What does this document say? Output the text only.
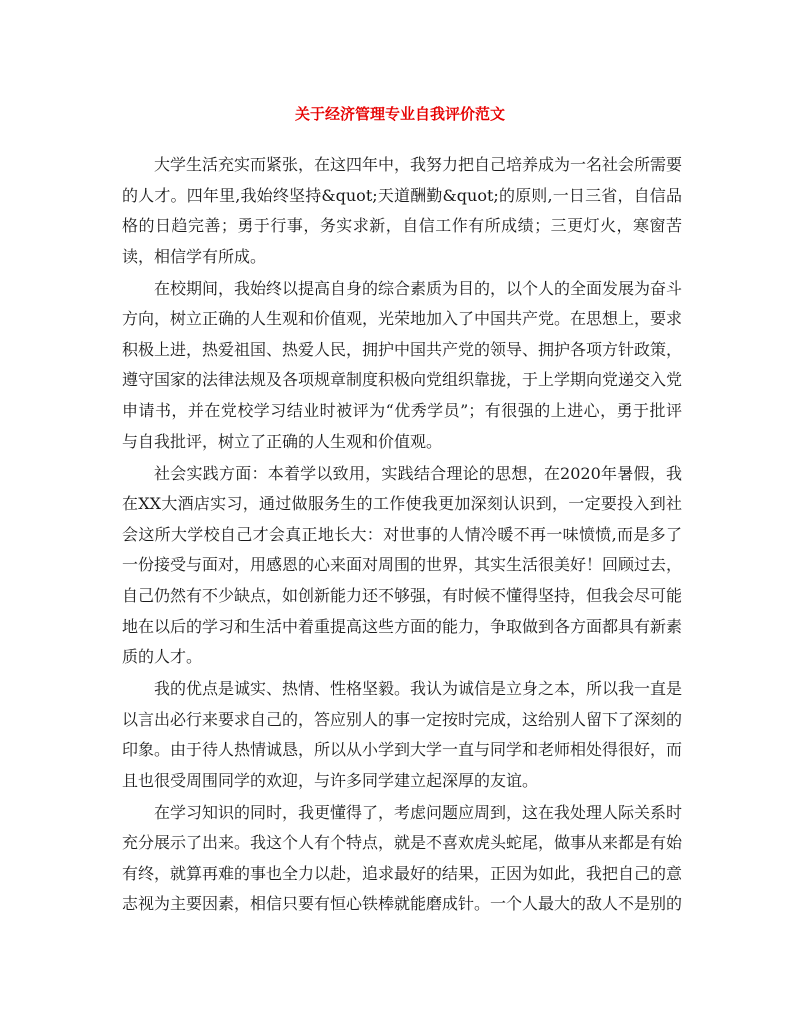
关于经济管理专业自我评价范文

大学生活充实而紧张，在这四年中，我努力把自己培养成为一名社会所需要的人才。四年里,我始终坚持&quot;天道酬勤&quot;的原则,一日三省，自信品格的日趋完善；勇于行事，务实求新，自信工作有所成绩；三更灯火，寒窗苦读，相信学有所成。

在校期间，我始终以提高自身的综合素质为目的，以个人的全面发展为奋斗方向，树立正确的人生观和价值观，光荣地加入了中国共产党。在思想上，要求积极上进，热爱祖国、热爱人民，拥护中国共产党的领导、拥护各项方针政策，遵守国家的法律法规及各项规章制度积极向党组织靠拢，于上学期向党递交入党申请书，并在党校学习结业时被评为“优秀学员”；有很强的上进心，勇于批评与自我批评，树立了正确的人生观和价值观。

社会实践方面：本着学以致用，实践结合理论的思想，在2020年暑假，我在XX大酒店实习，通过做服务生的工作使我更加深刻认识到，一定要投入到社会这所大学校自己才会真正地长大：对世事的人情冷暖不再一味愤愤,而是多了一份接受与面对，用感恩的心来面对周围的世界，其实生活很美好！回顾过去，自己仍然有不少缺点，如创新能力还不够强，有时候不懂得坚持，但我会尽可能地在以后的学习和生活中着重提高这些方面的能力，争取做到各方面都具有新素质的人才。

我的优点是诚实、热情、性格坚毅。我认为诚信是立身之本，所以我一直是以言出必行来要求自己的，答应别人的事一定按时完成，这给别人留下了深刻的印象。由于待人热情诚恳，所以从小学到大学一直与同学和老师相处得很好，而且也很受周围同学的欢迎，与许多同学建立起深厚的友谊。

在学习知识的同时，我更懂得了，考虑问题应周到，这在我处理人际关系时充分展示了出来。我这个人有个特点，就是不喜欢虎头蛇尾，做事从来都是有始有终，就算再难的事也全力以赴，追求最好的结果，正因为如此，我把自己的意志视为主要因素，相信只要有恒心铁棒就能磨成针。一个人最大的敌人不是别的
